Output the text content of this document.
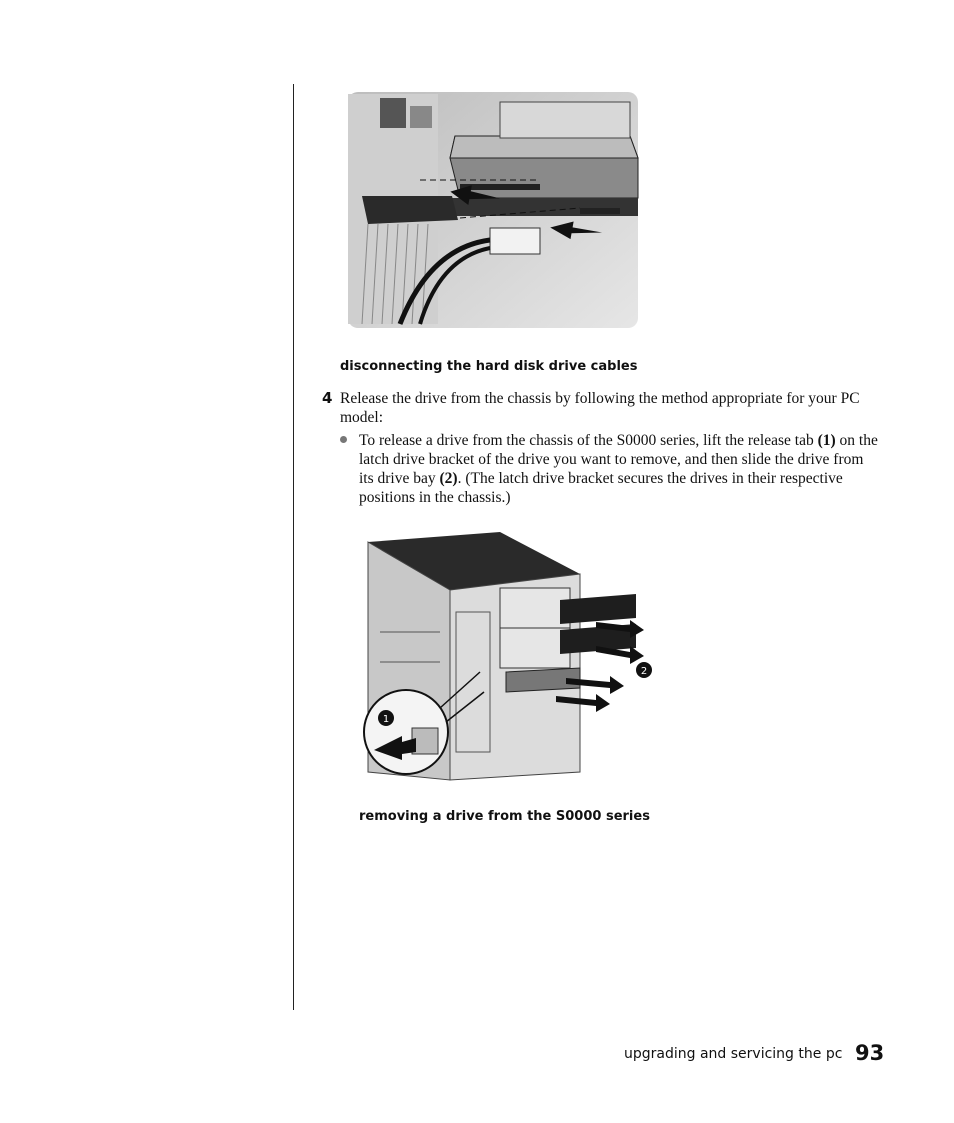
disconnecting the hard disk drive cables
4 Release the drive from the chassis by following the method appropriate for your PC model:
To release a drive from the chassis of the S0000 series, lift the release tab (1) on the latch drive bracket of the drive you want to remove, and then slide the drive from its drive bay (2). (The latch drive bracket secures the drives in their respective positions in the chassis.)
1
2
removing a drive from the S0000 series
upgrading and servicing the pc 93
